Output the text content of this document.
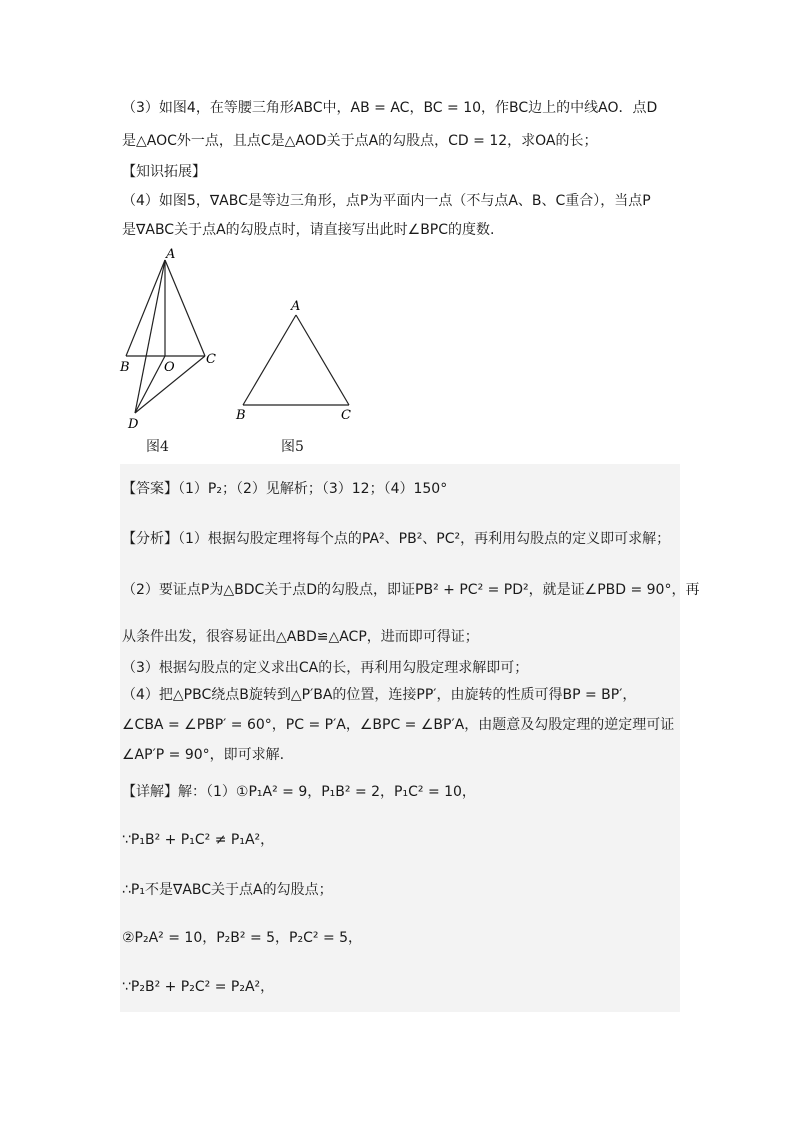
（3）如图4，在等腰三角形ABC中，AB = AC，BC = 10，作BC边上的中线AO．点D
是△AOC外一点，且点C是△AOD关于点A的勾股点，CD = 12，求OA的长；
【知识拓展】
（4）如图5，∇ABC是等边三角形，点P为平面内一点（不与点A、B、C重合），当点P
是∇ABC关于点A的勾股点时，请直接写出此时∠BPC的度数.
A
B	O
C
D
图4
A
B	C
图5
【答案】（1）P₂；（2）见解析；（3）12；（4）150°
【分析】（1）根据勾股定理将每个点的PA²、PB²、PC²，再利用勾股点的定义即可求解；
（2）要证点P为△BDC关于点D的勾股点，即证PB² + PC² = PD²，就是证∠PBD = 90°，再
从条件出发，很容易证出△ABD≌△ACP，进而即可得证；
（3）根据勾股点的定义求出CA的长，再利用勾股定理求解即可；
（4）把△PBC绕点B旋转到△P′BA的位置，连接PP′，由旋转的性质可得BP = BP′，
∠CBA = ∠PBP′ = 60°，PC = P′A，∠BPC = ∠BP′A，由题意及勾股定理的逆定理可证
∠AP′P = 90°，即可求解.
【详解】解：（1）①P₁A² = 9，P₁B² = 2，P₁C² = 10，
∵P₁B² + P₁C² ≠ P₁A²，
∴P₁不是∇ABC关于点A的勾股点；
②P₂A² = 10，P₂B² = 5，P₂C² = 5，
∵P₂B² + P₂C² = P₂A²，
